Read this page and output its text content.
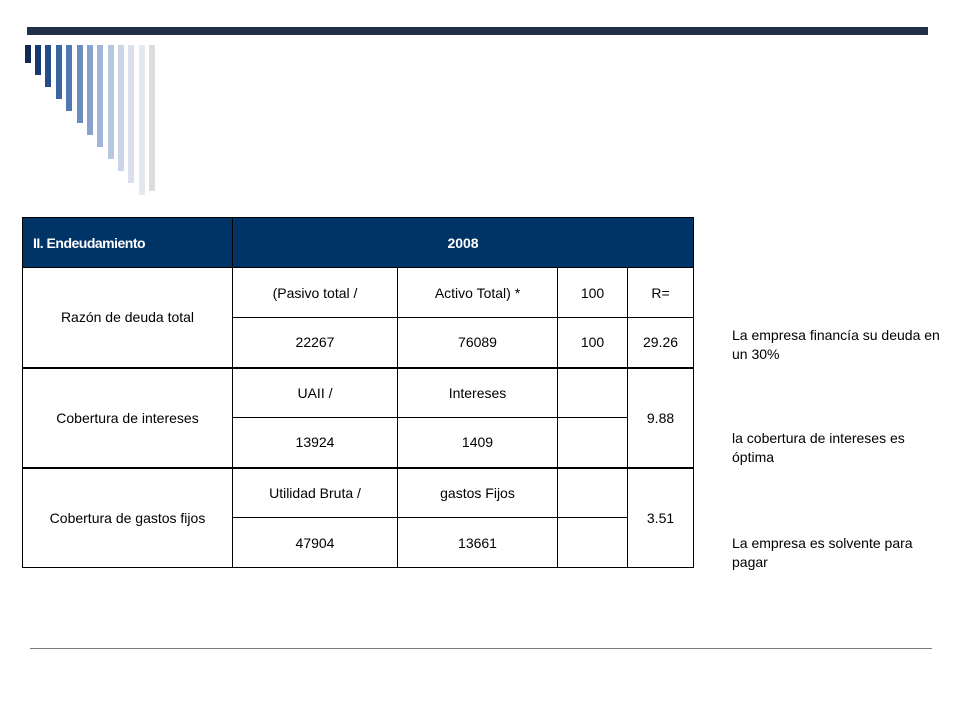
II. Endeudamiento	2008			
Razón de deuda total	(Pasivo total /	Activo Total) *	100	R=
	22267	76089	100	29.26
Cobertura de intereses	UAII /	Intereses		9.88
	13924	1409		
Cobertura de gastos fijos	Utilidad Bruta /	gastos Fijos		3.51
	47904	13661		
La empresa financía su deuda en un 30%
la cobertura de intereses es óptima
La empresa es solvente para pagar
